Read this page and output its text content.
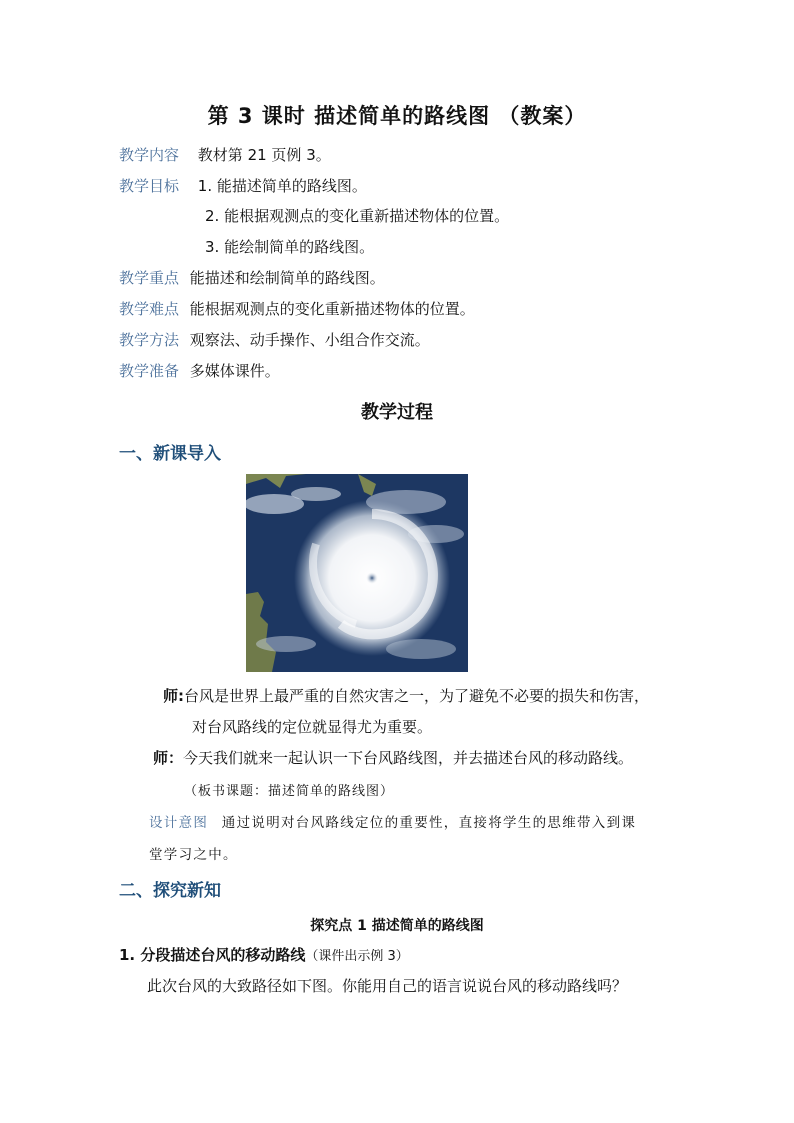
第 3 课时 描述简单的路线图 （教案）
教学内容 教材第 21 页例 3。
教学目标 1. 能描述简单的路线图。
2. 能根据观测点的变化重新描述物体的位置。
3. 能绘制简单的路线图。
教学重点 能描述和绘制简单的路线图。
教学难点 能根据观测点的变化重新描述物体的位置。
教学方法 观察法、动手操作、小组合作交流。
教学准备 多媒体课件。
教学过程
一、新课导入
师:台风是世界上最严重的自然灾害之一，为了避免不必要的损失和伤害，
对台风路线的定位就显得尤为重要。
师：今天我们就来一起认识一下台风路线图，并去描述台风的移动路线。
（板书课题：描述简单的路线图）
设计意图 通过说明对台风路线定位的重要性，直接将学生的思维带入到课
堂学习之中。
二、探究新知
探究点 1 描述简单的路线图
1. 分段描述台风的移动路线（课件出示例 3）
此次台风的大致路径如下图。你能用自己的语言说说台风的移动路线吗？
